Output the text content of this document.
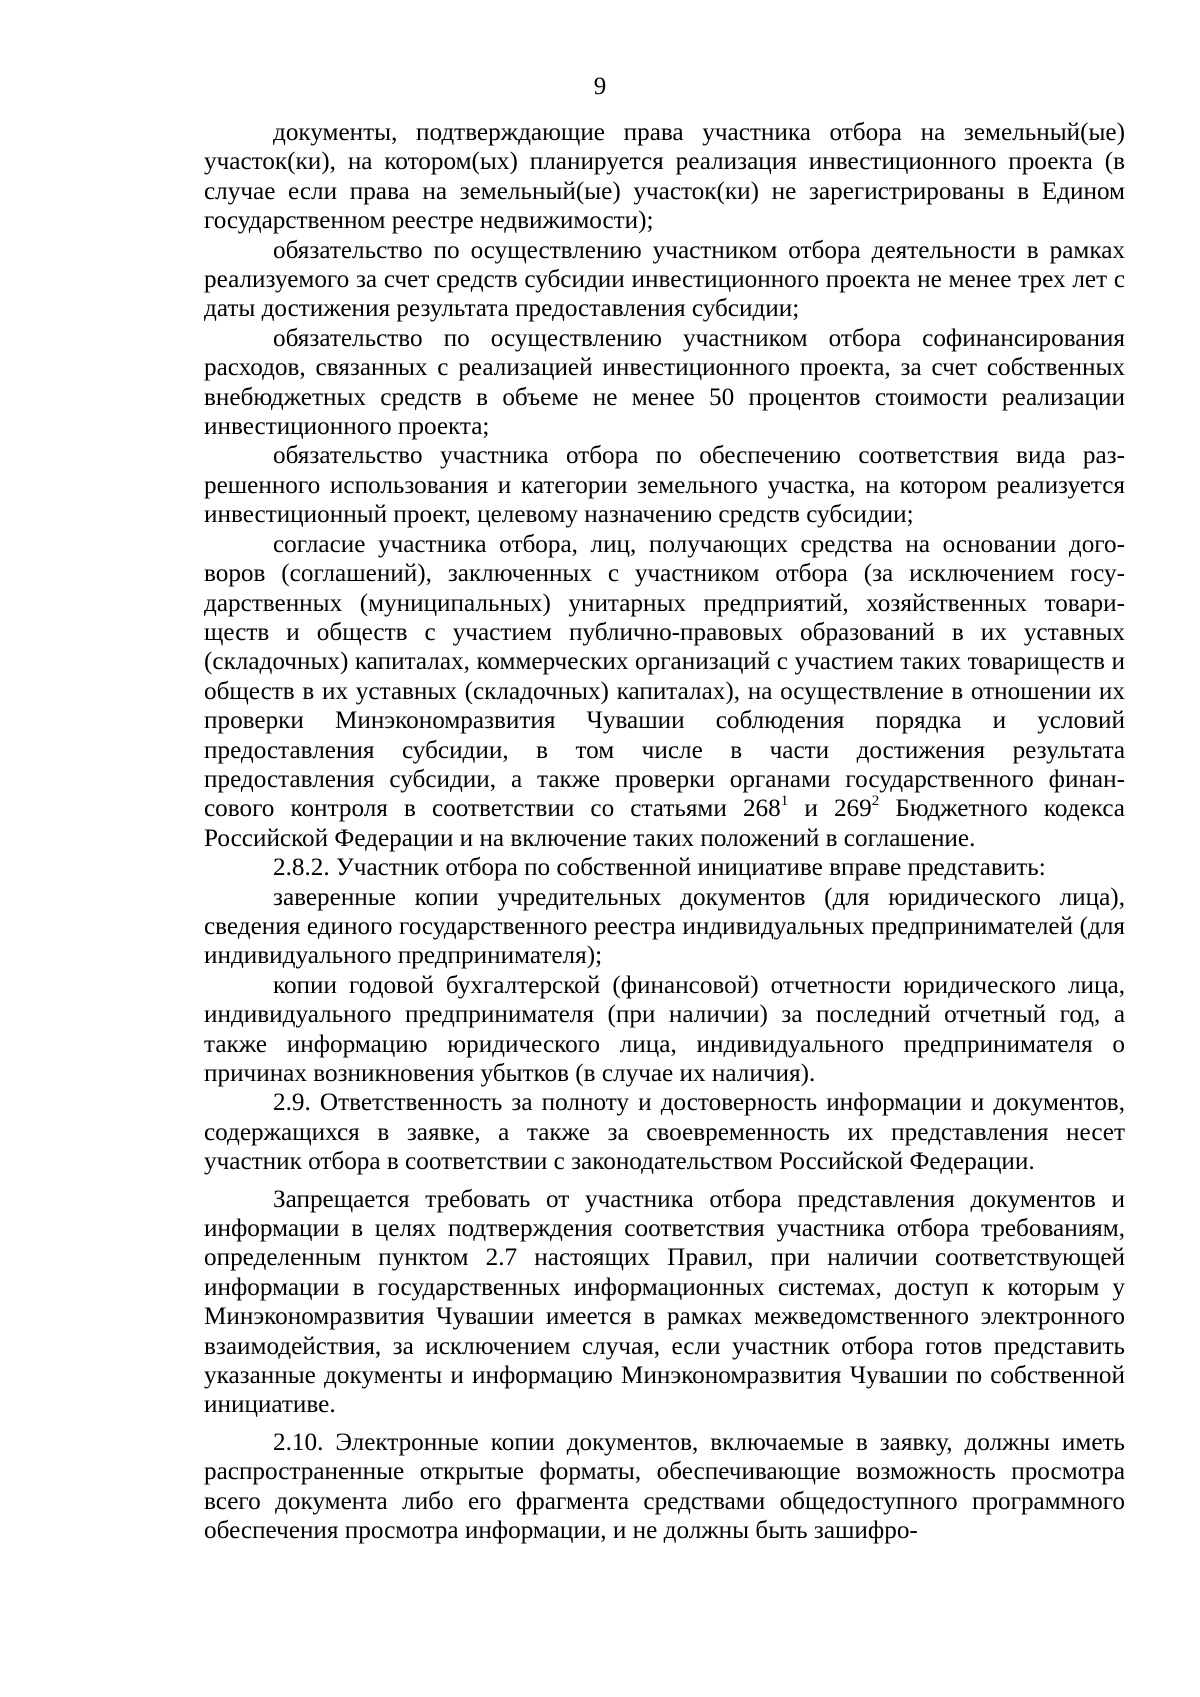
9

документы, подтверждающие права участника отбора на земельный(ые) участок(ки), на котором(ых) планируется реализация инвестиционного проекта (в случае если права на земельный(ые) участок(ки) не зарегистрированы в Едином государственном реестре недвижимости);

обязательство по осуществлению участником отбора деятельности в рамках реализуемого за счет средств субсидии инвестиционного проекта не менее трех лет с даты достижения результата предоставления субсидии;

обязательство по осуществлению участником отбора софинансирования расходов, связанных с реализацией инвестиционного проекта, за счет собственных внебюджетных средств в объеме не менее 50 процентов стоимости реализации инвестиционного проекта;

обязательство участника отбора по обеспечению соответствия вида разрешенного использования и категории земельного участка, на котором реализуется инвестиционный проект, целевому назначению средств субсидии;

согласие участника отбора, лиц, получающих средства на основании договоров (соглашений), заключенных с участником отбора (за исключением государственных (муниципальных) унитарных предприятий, хозяйственных товариществ и обществ с участием публично-правовых образований в их уставных (складочных) капиталах, коммерческих организаций с участием таких товариществ и обществ в их уставных (складочных) капиталах), на осуществление в отношении их проверки Минэкономразвития Чувашии соблюдения порядка и условий предоставления субсидии, в том числе в части достижения результата предоставления субсидии, а также проверки органами государственного финансового контроля в соответствии со статьями $268^1$ и $269^2$ Бюджетного кодекса Российской Федерации и на включение таких положений в соглашение.

2.8.2. Участник отбора по собственной инициативе вправе представить:

заверенные копии учредительных документов (для юридического лица), сведения единого государственного реестра индивидуальных предпринимателей (для индивидуального предпринимателя);

копии годовой бухгалтерской (финансовой) отчетности юридического лица, индивидуального предпринимателя (при наличии) за последний отчетный год, а также информацию юридического лица, индивидуального предпринимателя о причинах возникновения убытков (в случае их наличия).

2.9. Ответственность за полноту и достоверность информации и документов, содержащихся в заявке, а также за своевременность их представления несет участник отбора в соответствии с законодательством Российской Федерации.

Запрещается требовать от участника отбора представления документов и информации в целях подтверждения соответствия участника отбора требованиям, определенным пунктом 2.7 настоящих Правил, при наличии соответствующей информации в государственных информационных системах, доступ к которым у Минэкономразвития Чувашии имеется в рамках межведомственного электронного взаимодействия, за исключением случая, если участник отбора готов представить указанные документы и информацию Минэкономразвития Чувашии по собственной инициативе.

2.10. Электронные копии документов, включаемые в заявку, должны иметь распространенные открытые форматы, обеспечивающие возможность просмотра всего документа либо его фрагмента средствами общедоступного программного обеспечения просмотра информации, и не должны быть зашифро-
